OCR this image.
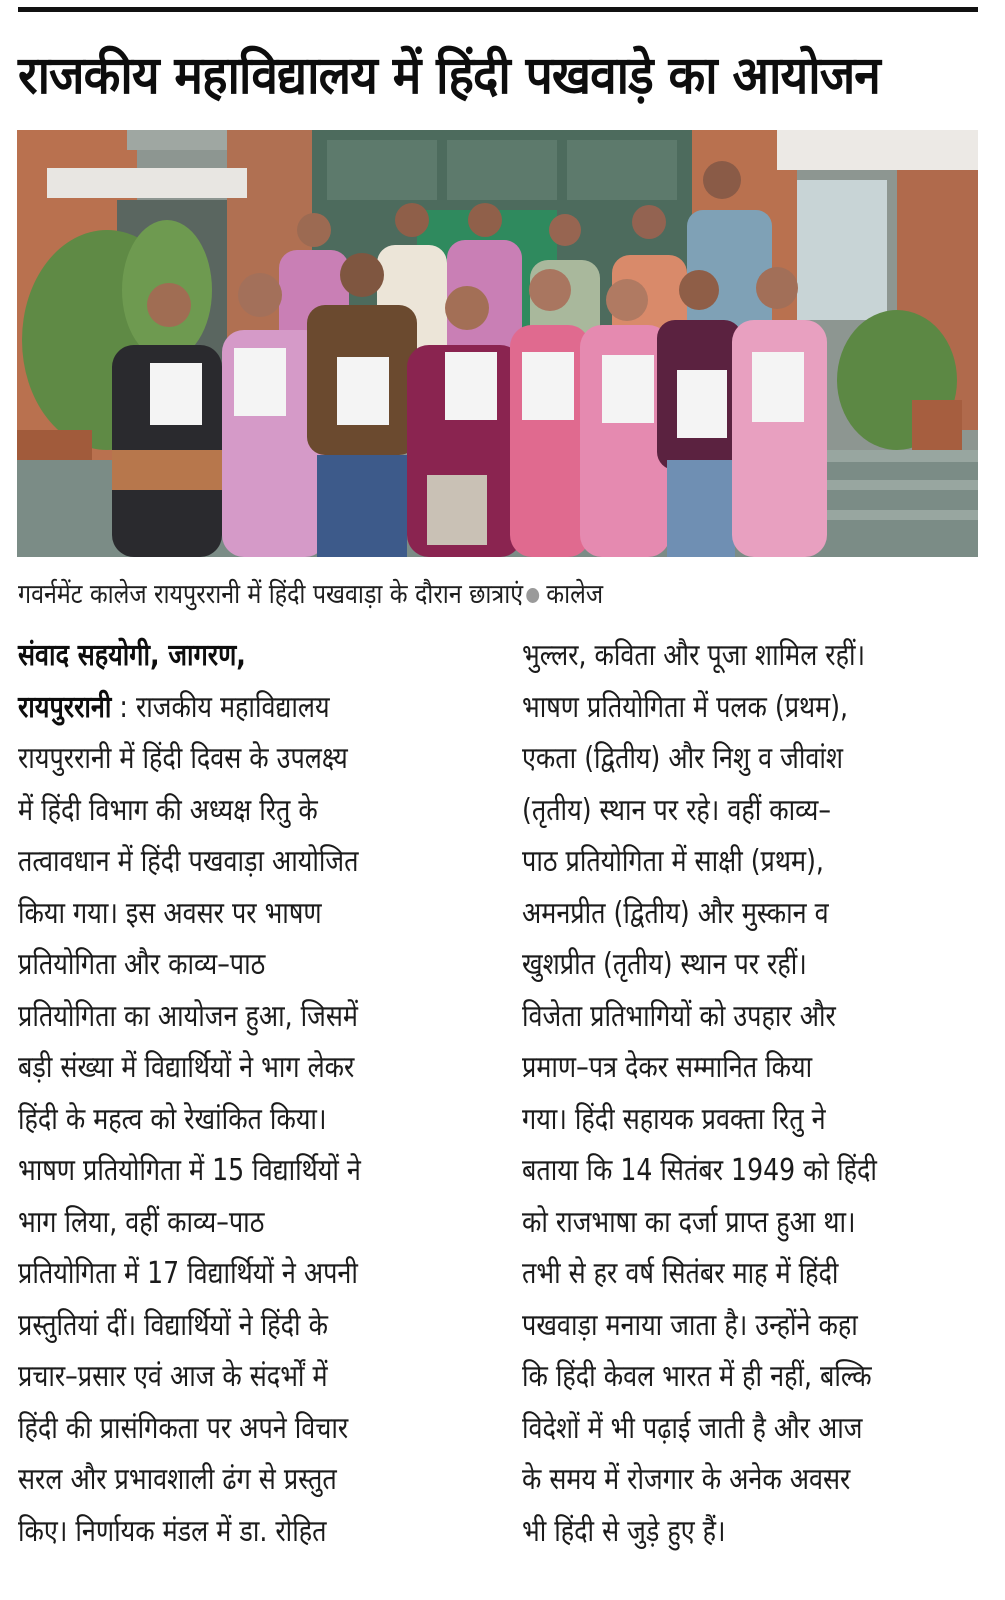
राजकीय महाविद्यालय में हिंदी पखवाड़े का आयोजन
गवर्नमेंट कालेज रायपुररानी में हिंदी पखवाड़ा के दौरान छात्राएं कालेज
संवाद सहयोगी, जागरण,
रायपुररानी : राजकीय महाविद्यालय
रायपुररानी में हिंदी दिवस के उपलक्ष्य
में हिंदी विभाग की अध्यक्ष रितु के
तत्वावधान में हिंदी पखवाड़ा आयोजित
किया गया। इस अवसर पर भाषण
प्रतियोगिता और काव्य–पाठ
प्रतियोगिता का आयोजन हुआ, जिसमें
बड़ी संख्या में विद्यार्थियों ने भाग लेकर
हिंदी के महत्व को रेखांकित किया।
भाषण प्रतियोगिता में 15 विद्यार्थियों ने
भाग लिया, वहीं काव्य–पाठ
प्रतियोगिता में 17 विद्यार्थियों ने अपनी
प्रस्तुतियां दीं। विद्यार्थियों ने हिंदी के
प्रचार–प्रसार एवं आज के संदर्भों में
हिंदी की प्रासंगिकता पर अपने विचार
सरल और प्रभावशाली ढंग से प्रस्तुत
किए। निर्णायक मंडल में डा. रोहित
भुल्लर, कविता और पूजा शामिल रहीं।
भाषण प्रतियोगिता में पलक (प्रथम),
एकता (द्वितीय) और निशु व जीवांश
(तृतीय) स्थान पर रहे। वहीं काव्य–
पाठ प्रतियोगिता में साक्षी (प्रथम),
अमनप्रीत (द्वितीय) और मुस्कान व
खुशप्रीत (तृतीय) स्थान पर रहीं।
विजेता प्रतिभागियों को उपहार और
प्रमाण–पत्र देकर सम्मानित किया
गया। हिंदी सहायक प्रवक्ता रितु ने
बताया कि 14 सितंबर 1949 को हिंदी
को राजभाषा का दर्जा प्राप्त हुआ था।
तभी से हर वर्ष सितंबर माह में हिंदी
पखवाड़ा मनाया जाता है। उन्होंने कहा
कि हिंदी केवल भारत में ही नहीं, बल्कि
विदेशों में भी पढ़ाई जाती है और आज
के समय में रोजगार के अनेक अवसर
भी हिंदी से जुड़े हुए हैं।
